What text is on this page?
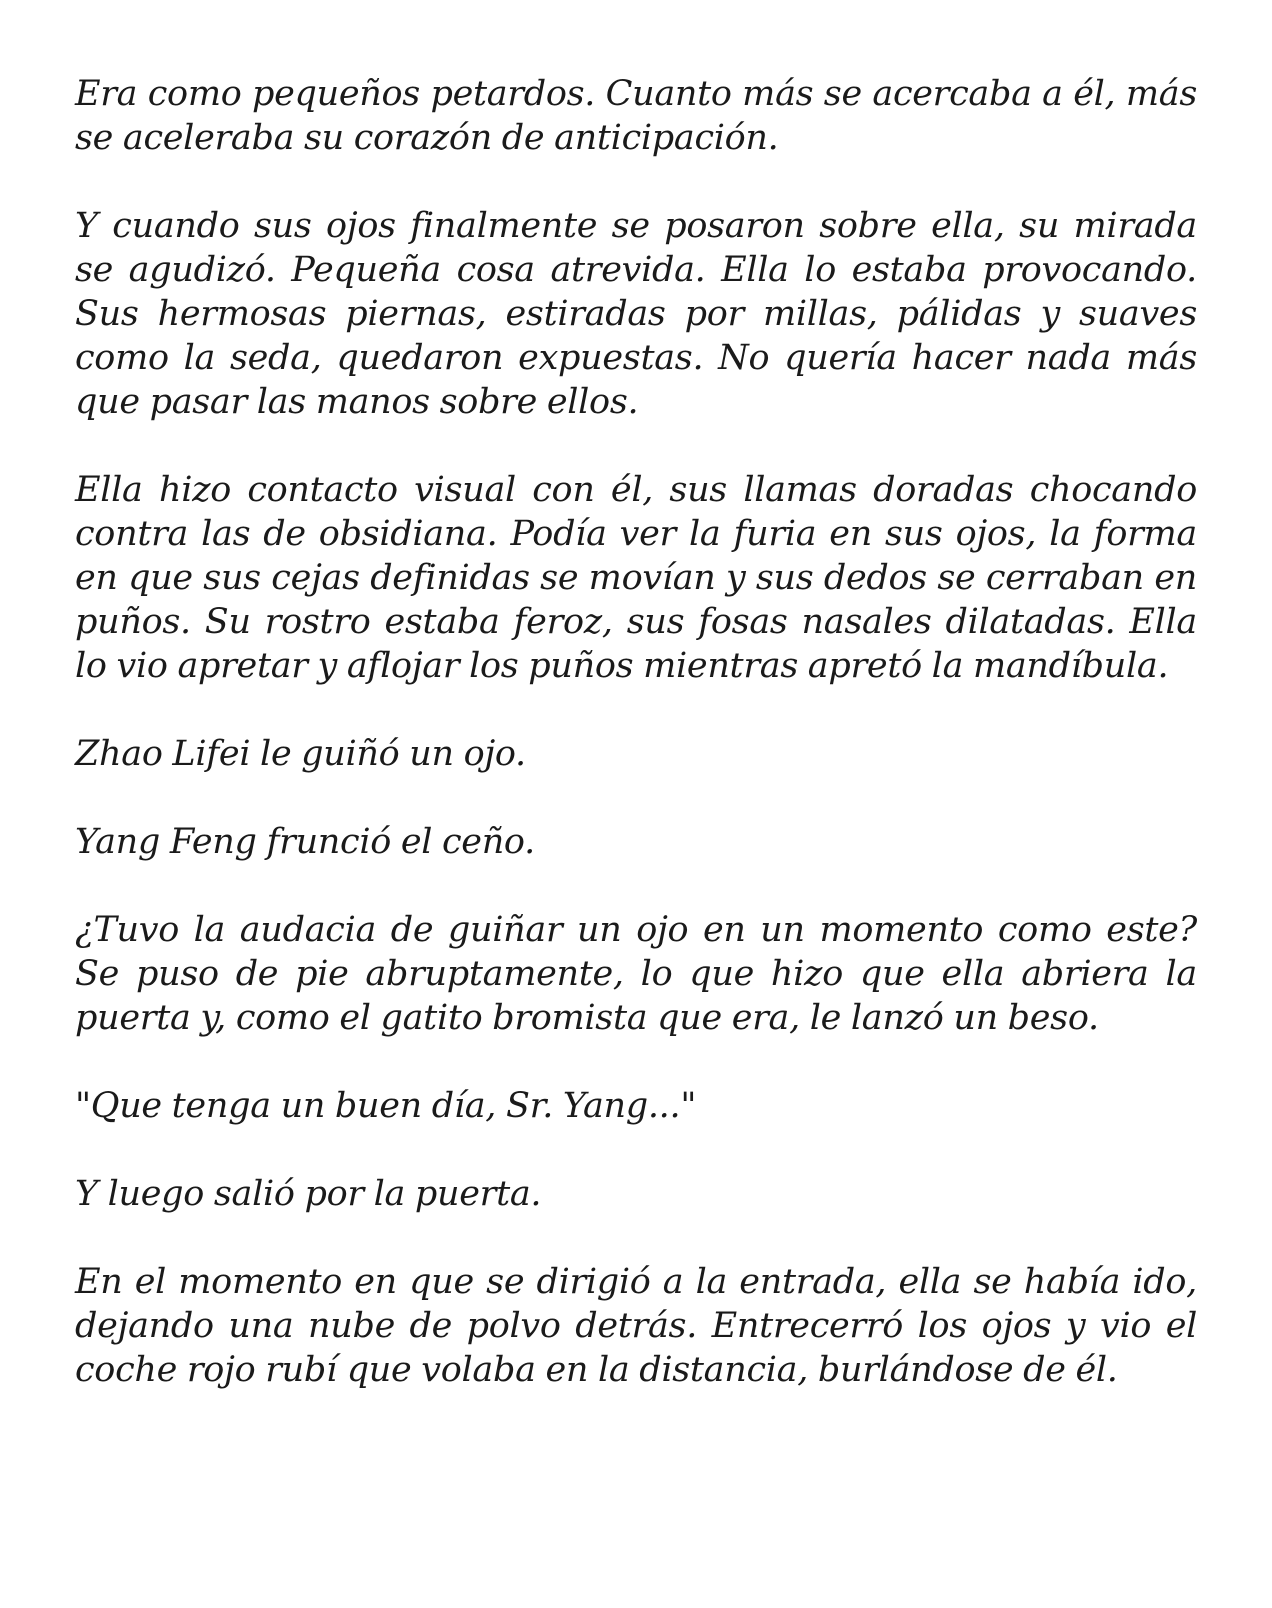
Era como pequeños petardos. Cuanto más se acercaba a él, más se aceleraba su corazón de anticipación.

Y cuando sus ojos finalmente se posaron sobre ella, su mirada se agudizó. Pequeña cosa atrevida. Ella lo estaba provocando. Sus hermosas piernas, estiradas por millas, pálidas y suaves como la seda, quedaron expuestas. No quería hacer nada más que pasar las manos sobre ellos.

Ella hizo contacto visual con él, sus llamas doradas chocando contra las de obsidiana. Podía ver la furia en sus ojos, la forma en que sus cejas definidas se movían y sus dedos se cerraban en puños. Su rostro estaba feroz, sus fosas nasales dilatadas. Ella lo vio apretar y aflojar los puños mientras apretó la mandíbula.

Zhao Lifei le guiñó un ojo.

Yang Feng frunció el ceño.

¿Tuvo la audacia de guiñar un ojo en un momento como este? Se puso de pie abruptamente, lo que hizo que ella abriera la puerta y, como el gatito bromista que era, le lanzó un beso.

"Que tenga un buen día, Sr. Yang..."

Y luego salió por la puerta.

En el momento en que se dirigió a la entrada, ella se había ido, dejando una nube de polvo detrás. Entrecerró los ojos y vio el coche rojo rubí que volaba en la distancia, burlándose de él.
